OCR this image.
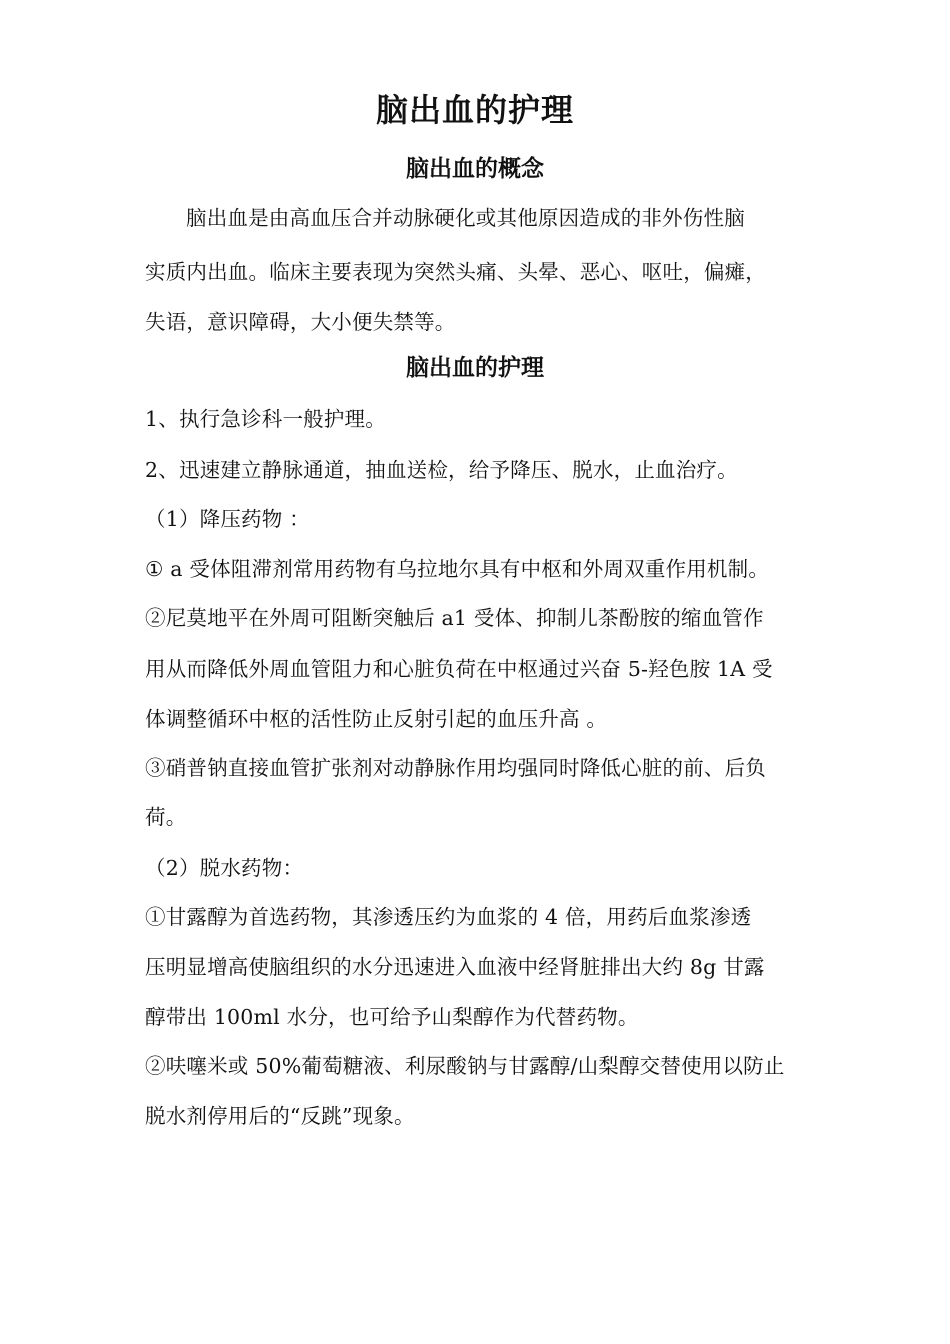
脑出血的护理
脑出血的概念
脑出血是由高血压合并动脉硬化或其他原因造成的非外伤性脑
实质内出血。临床主要表现为突然头痛、头晕、恶心、呕吐，偏瘫，
失语，意识障碍，大小便失禁等。
脑出血的护理
1、执行急诊科一般护理。
2、迅速建立静脉通道，抽血送检，给予降压、脱水，止血治疗。
（1）降压药物 ：
① a 受体阻滞剂常用药物有乌拉地尔具有中枢和外周双重作用机制。
②尼莫地平在外周可阻断突触后 a1 受体、抑制儿茶酚胺的缩血管作
用从而降低外周血管阻力和心脏负荷在中枢通过兴奋 5-羟色胺 1A 受
体调整循环中枢的活性防止反射引起的血压升高 。
③硝普钠直接血管扩张剂对动静脉作用均强同时降低心脏的前、后负
荷。
（2）脱水药物：
①甘露醇为首选药物，其渗透压约为血浆的 4 倍，用药后血浆渗透
压明显增高使脑组织的水分迅速进入血液中经肾脏排出大约 8g 甘露
醇带出 100ml 水分，也可给予山梨醇作为代替药物。
②呋噻米或 50%葡萄糖液、利尿酸钠与甘露醇/山梨醇交替使用以防止
脱水剂停用后的“反跳”现象。
